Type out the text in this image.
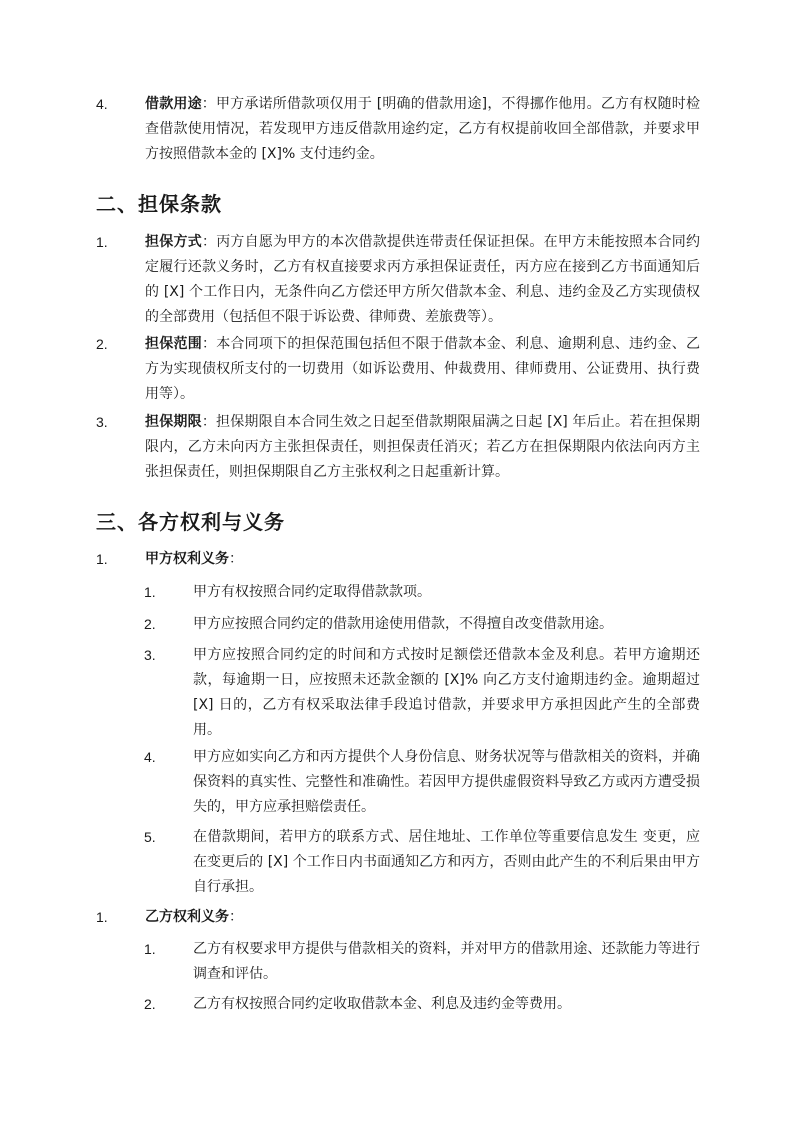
4.	借款用途：甲方承诺所借款项仅用于 [明确的借款用途]，不得挪作他用。乙方有权随时检查借款使用情况，若发现甲方违反借款用途约定，乙方有权提前收回全部借款，并要求甲方按照借款本金的 [X]% 支付违约金。
二、担保条款
1.	担保方式：丙方自愿为甲方的本次借款提供连带责任保证担保。在甲方未能按照本合同约定履行还款义务时，乙方有权直接要求丙方承担保证责任，丙方应在接到乙方书面通知后的 [X] 个工作日内，无条件向乙方偿还甲方所欠借款本金、利息、违约金及乙方实现债权的全部费用（包括但不限于诉讼费、律师费、差旅费等）。
2.	担保范围：本合同项下的担保范围包括但不限于借款本金、利息、逾期利息、违约金、乙方为实现债权所支付的一切费用（如诉讼费用、仲裁费用、律师费用、公证费用、执行费用等）。
3.	担保期限：担保期限自本合同生效之日起至借款期限届满之日起 [X] 年后止。若在担保期限内，乙方未向丙方主张担保责任，则担保责任消灭；若乙方在担保期限内依法向丙方主张担保责任，则担保期限自乙方主张权利之日起重新计算。
三、各方权利与义务
1.	甲方权利义务：
1.	甲方有权按照合同约定取得借款款项。
2.	甲方应按照合同约定的借款用途使用借款，不得擅自改变借款用途。
3.	甲方应按照合同约定的时间和方式按时足额偿还借款本金及利息。若甲方逾期还款，每逾期一日，应按照未还款金额的 [X]% 向乙方支付逾期违约金。逾期超过 [X] 日的，乙方有权采取法律手段追讨借款，并要求甲方承担因此产生的全部费用。
4.	甲方应如实向乙方和丙方提供个人身份信息、财务状况等与借款相关的资料，并确保资料的真实性、完整性和准确性。若因甲方提供虚假资料导致乙方或丙方遭受损失的，甲方应承担赔偿责任。
5.	在借款期间，若甲方的联系方式、居住地址、工作单位等重要信息发生 变更，应在变更后的 [X] 个工作日内书面通知乙方和丙方，否则由此产生的不利后果由甲方自行承担。
1.	乙方权利义务：
1.	乙方有权要求甲方提供与借款相关的资料，并对甲方的借款用途、还款能力等进行调查和评估。
2.	乙方有权按照合同约定收取借款本金、利息及违约金等费用。
